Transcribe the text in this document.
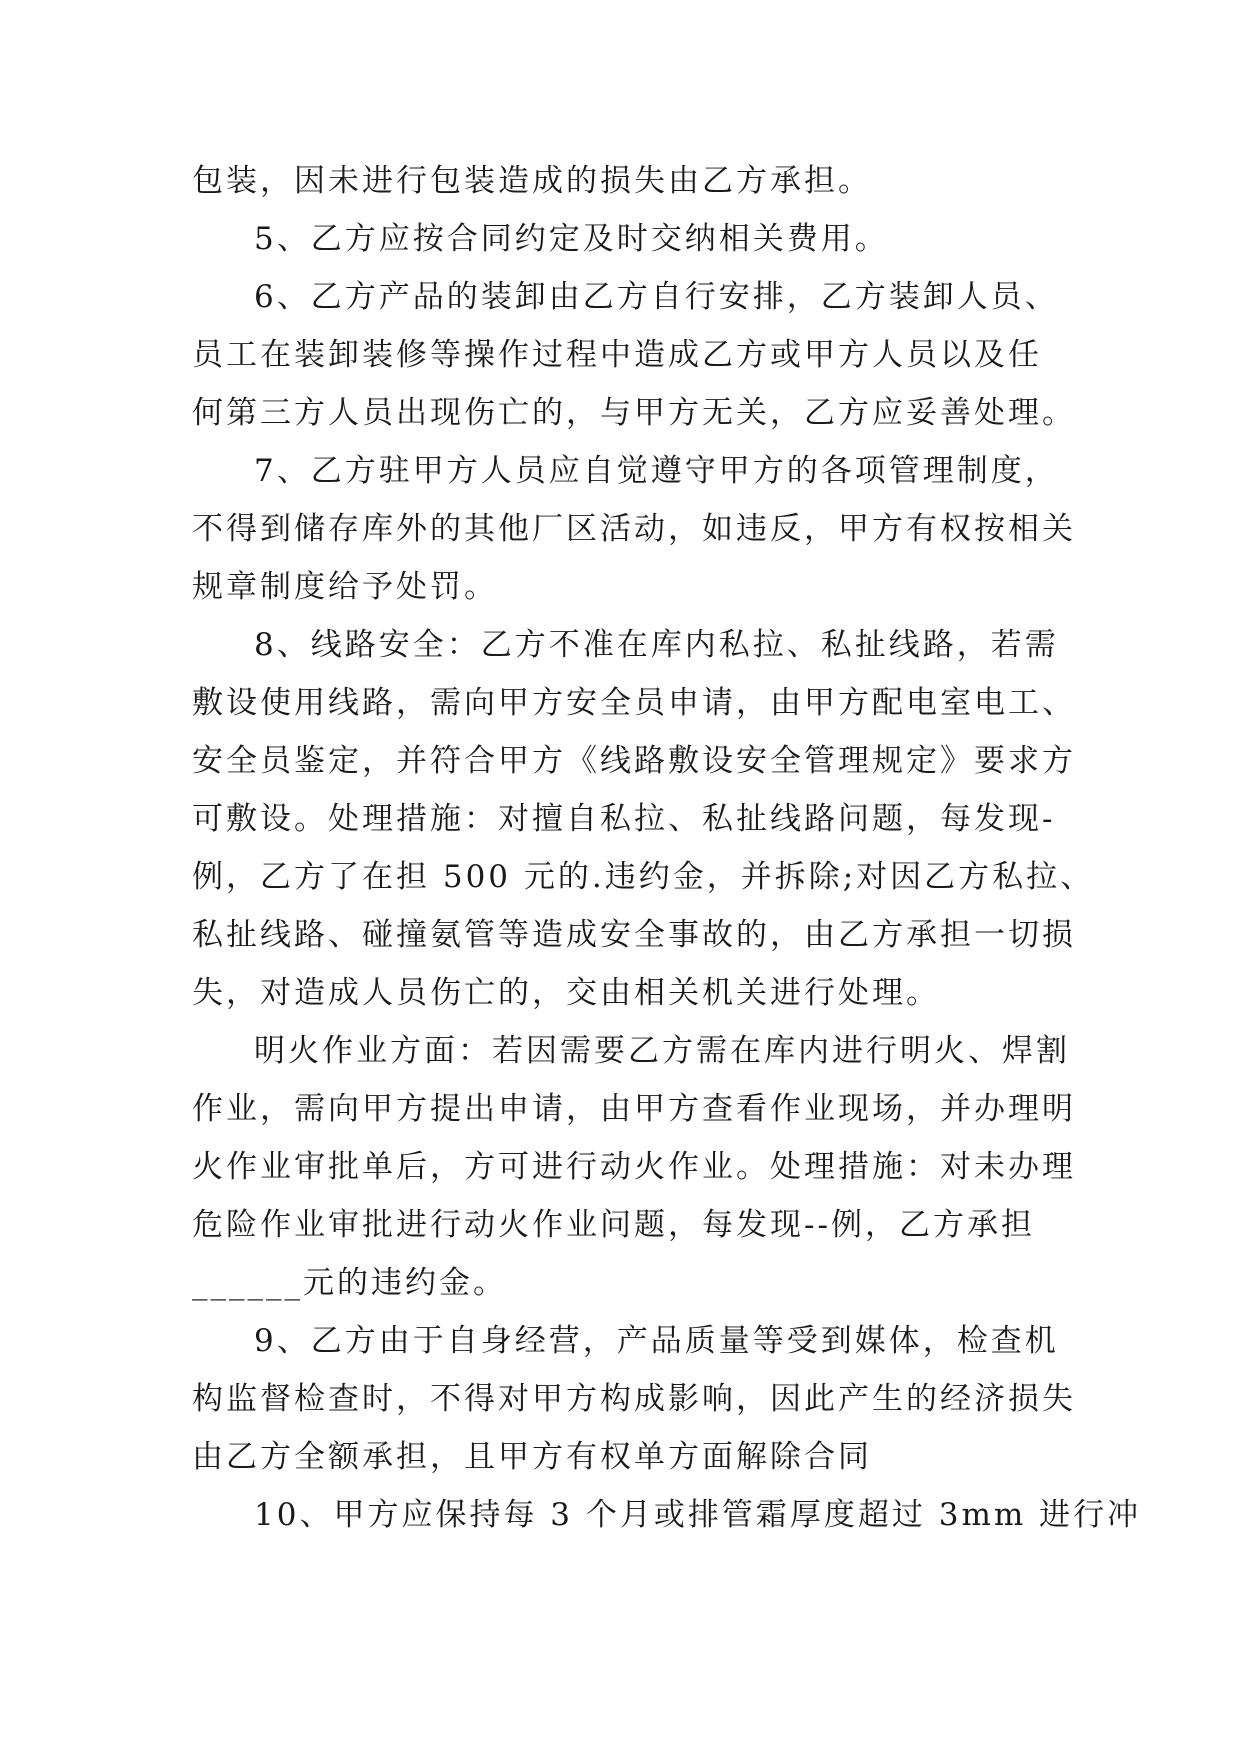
包装，因未进行包装造成的损失由乙方承担。
5、乙方应按合同约定及时交纳相关费用。
6、乙方产品的装卸由乙方自行安排，乙方装卸人员、
员工在装卸装修等操作过程中造成乙方或甲方人员以及任
何第三方人员出现伤亡的，与甲方无关，乙方应妥善处理。
7、乙方驻甲方人员应自觉遵守甲方的各项管理制度，
不得到储存库外的其他厂区活动，如违反，甲方有权按相关
规章制度给予处罚。
8、线路安全：乙方不准在库内私拉、私扯线路，若需
敷设使用线路，需向甲方安全员申请，由甲方配电室电工、
安全员鉴定，并符合甲方《线路敷设安全管理规定》要求方
可敷设。处理措施：对擅自私拉、私扯线路问题，每发现-
例，乙方了在担 500 元的.违约金，并拆除;对因乙方私拉、
私扯线路、碰撞氨管等造成安全事故的，由乙方承担一切损
失，对造成人员伤亡的，交由相关机关进行处理。
明火作业方面：若因需要乙方需在库内进行明火、焊割
作业，需向甲方提出申请，由甲方查看作业现场，并办理明
火作业审批单后，方可进行动火作业。处理措施：对未办理
危险作业审批进行动火作业问题，每发现--例，乙方承担
______元的违约金。
9、乙方由于自身经营，产品质量等受到媒体，检查机
构监督检查时，不得对甲方构成影响，因此产生的经济损失
由乙方全额承担，且甲方有权单方面解除合同
10、甲方应保持每 3 个月或排管霜厚度超过 3mm 进行冲
